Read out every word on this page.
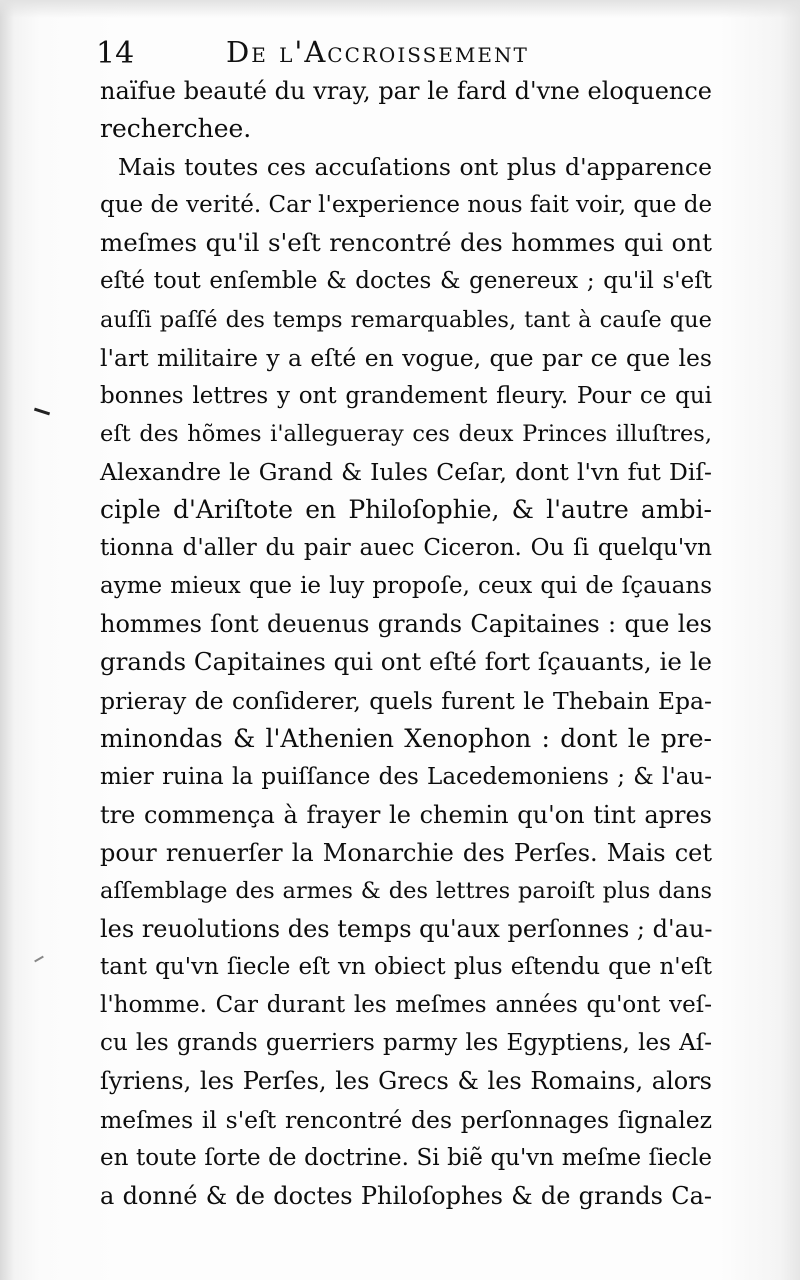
14	De l'Accroissement
naïfue beauté du vray, par le fard d'vne eloquence
recherchee.
Mais toutes ces accuſations ont plus d'apparence
que de verité. Car l'experience nous fait voir, que de
meſmes qu'il s'eſt rencontré des hommes qui ont
eſté tout enſemble & doctes & genereux ; qu'il s'eſt
auſſi paſſé des temps remarquables, tant à cauſe que
l'art militaire y a eſté en vogue, que par ce que les
bonnes lettres y ont grandement fleury. Pour ce qui
eſt des hõmes i'allegueray ces deux Princes illuſtres,
Alexandre le Grand & Iules Ceſar, dont l'vn fut Diſ-
ciple d'Ariſtote en Philoſophie, & l'autre ambi-
tionna d'aller du pair auec Ciceron. Ou ſi quelqu'vn
ayme mieux que ie luy propoſe, ceux qui de ſçauans
hommes ſont deuenus grands Capitaines : que les
grands Capitaines qui ont eſté fort ſçauants, ie le
prieray de conſiderer, quels furent le Thebain Epa-
minondas & l'Athenien Xenophon : dont le pre-
mier ruina la puiſſance des Lacedemoniens ; & l'au-
tre commença à frayer le chemin qu'on tint apres
pour renuerſer la Monarchie des Perſes. Mais cet
aſſemblage des armes & des lettres paroiſt plus dans
les reuolutions des temps qu'aux perſonnes ; d'au-
tant qu'vn ſiecle eſt vn obiect plus eſtendu que n'eſt
l'homme. Car durant les meſmes années qu'ont veſ-
cu les grands guerriers parmy les Egyptiens, les Aſ-
ſyriens, les Perſes, les Grecs & les Romains, alors
meſmes il s'eſt rencontré des perſonnages ſignalez
en toute ſorte de doctrine. Si biẽ qu'vn meſme ſiecle
a donné & de doctes Philoſophes & de grands Ca-
